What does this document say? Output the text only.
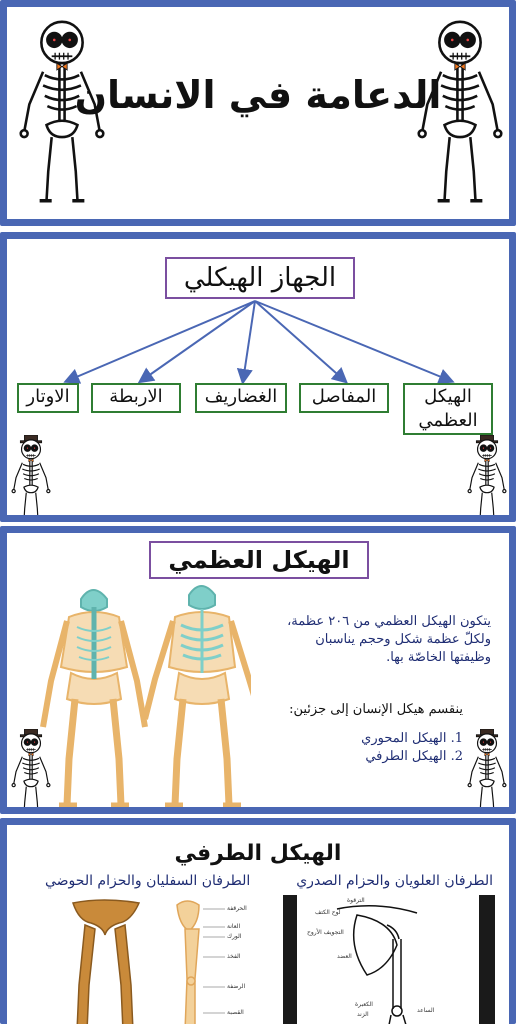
الدعامة في الانسان
الجهاز الهيكلي
الهيكل العظمي
المفاصل
الغضاريف
الاربطة
الاوتار
الهيكل العظمي
يتكون الهيكل العظمي من ٢٠٦ عظمة،
ولكلّ عظمة شكل وحجم يناسبان
وظيفتها الخاصّة بها.
ينقسم هيكل الإنسان إلى جزئين:
1. الهيكل المحوري
2. الهيكل الطرفي
الهيكل الطرفي
الطرفان العلويان والحزام الصدري
الطرفان السفليان والحزام الحوضي
الترقوة
لوح الكتف
التجويف الأروح
العضد
الكعبرة
الزند
الساعد
الحرقفة
العانة
الورك
الفخذ
الرضفة
القصبة
